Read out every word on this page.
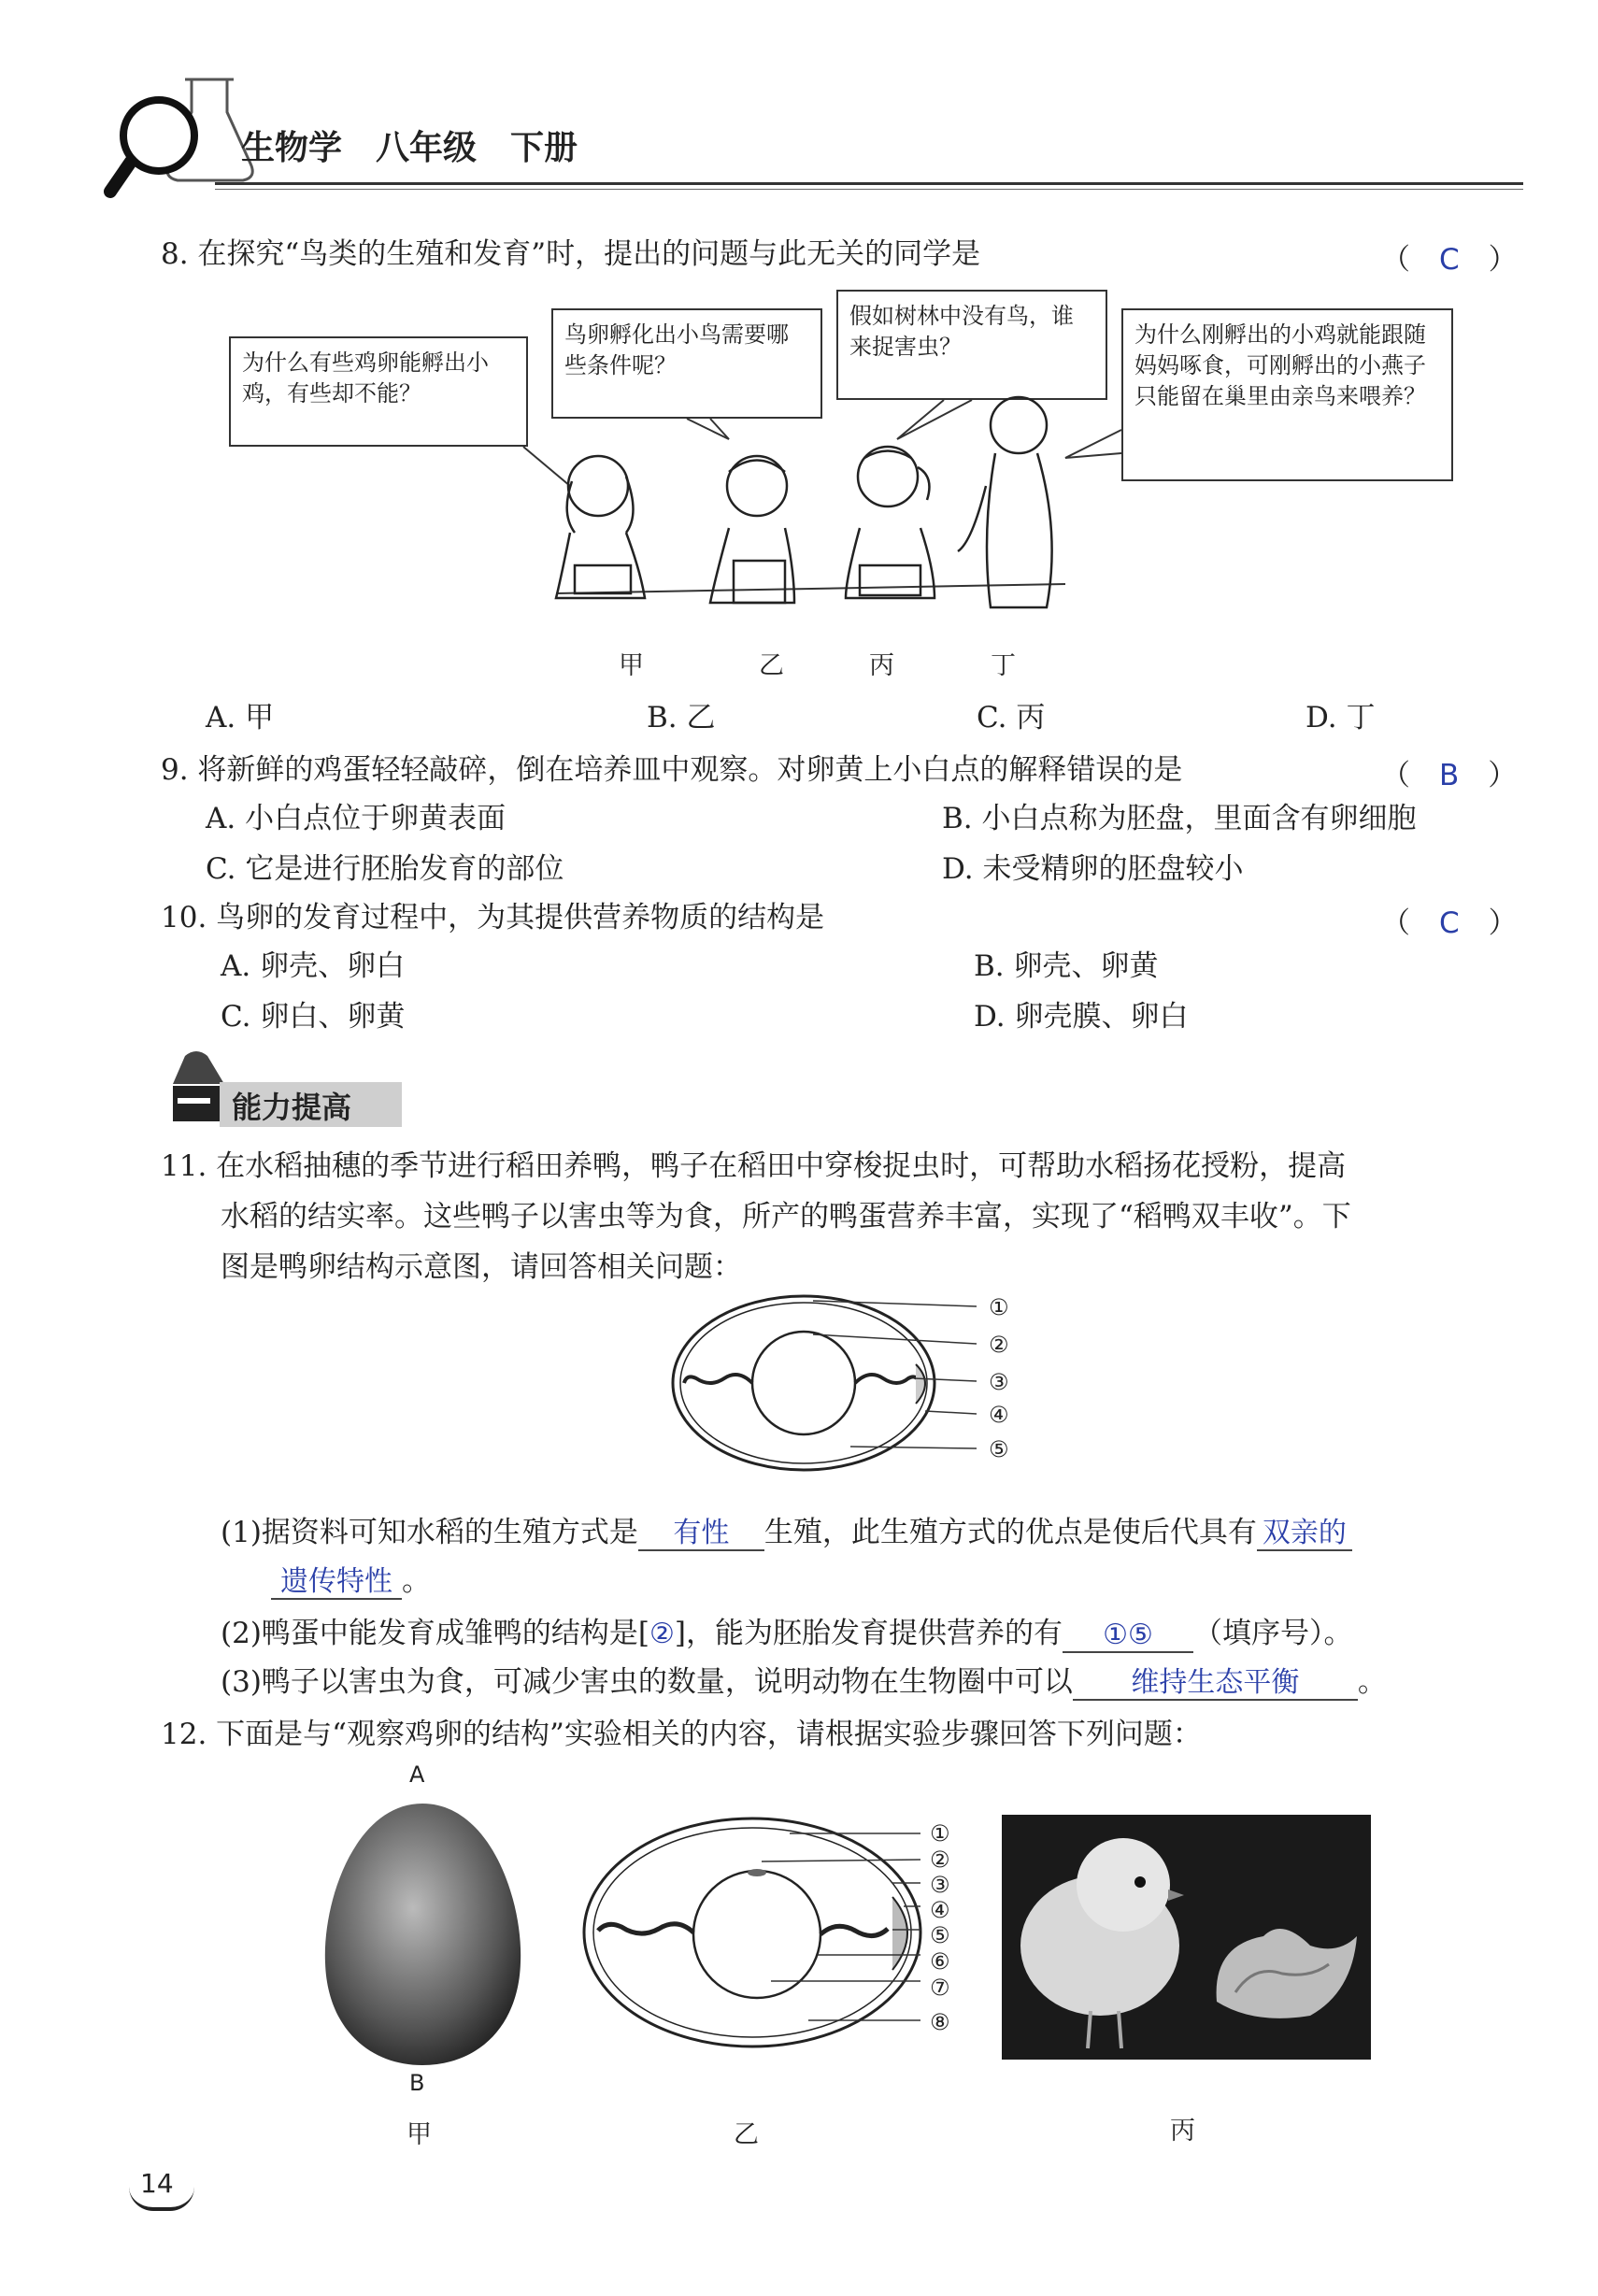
生物学　八年级　下册
8. 在探究“鸟类的生殖和发育”时，提出的问题与此无关的同学是	（　C　）
为什么有些鸡卵能孵出小鸡，有些却不能？
鸟卵孵化出小鸟需要哪些条件呢？
假如树林中没有鸟，谁来捉害虫？	为什么刚孵出的小鸡就能跟随妈妈啄食，可刚孵出的小燕子只能留在巢里由亲鸟来喂养？
甲	乙	丙	丁
A. 甲	B. 乙	C. 丙	D. 丁
9. 将新鲜的鸡蛋轻轻敲碎，倒在培养皿中观察。对卵黄上小白点的解释错误的是	（　B　）
A. 小白点位于卵黄表面	B. 小白点称为胚盘，里面含有卵细胞
C. 它是进行胚胎发育的部位	D. 未受精卵的胚盘较小
10. 鸟卵的发育过程中，为其提供营养物质的结构是	（　C　）
A. 卵壳、卵白	B. 卵壳、卵黄
C. 卵白、卵黄	D. 卵壳膜、卵白
能力提高
11. 在水稻抽穗的季节进行稻田养鸭，鸭子在稻田中穿梭捉虫时，可帮助水稻扬花授粉，提高
水稻的结实率。这些鸭子以害虫等为食，所产的鸭蛋营养丰富，实现了“稻鸭双丰收”。下
图是鸭卵结构示意图，请回答相关问题：
①
②
③
④
⑤
(1)据资料可知水稻的生殖方式是 有性 生殖，此生殖方式的优点是使后代具有 双亲的
遗传特性 。
(2)鸭蛋中能发育成雏鸭的结构是[②]，能为胚胎发育提供营养的有 ①⑤ （填序号）。
(3)鸭子以害虫为食，可减少害虫的数量，说明动物在生物圈中可以 维持生态平衡 。
12. 下面是与“观察鸡卵的结构”实验相关的内容，请根据实验步骤回答下列问题：
A
B
甲
①
②
③
④
⑤
⑥
⑦
⑧
乙	丙
14
